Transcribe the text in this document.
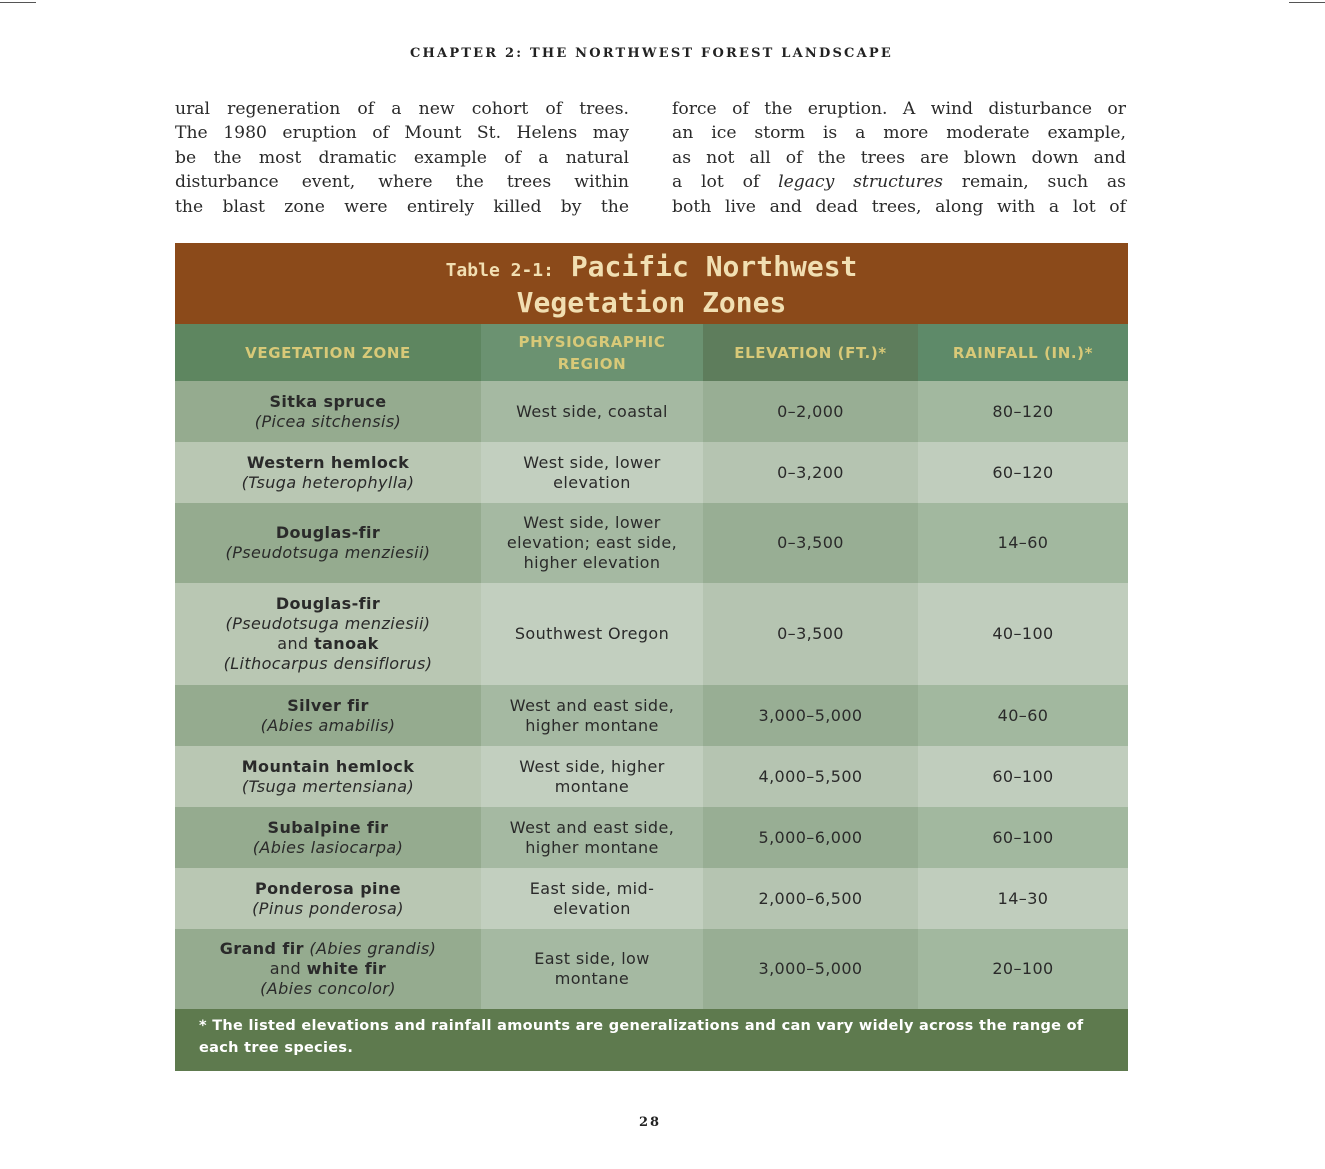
CHAPTER 2: THE NORTHWEST FOREST LANDSCAPE
ural regeneration of a new cohort of trees.
The 1980 eruption of Mount St. Helens may
be the most dramatic example of a natural
disturbance event, where the trees within
the blast zone were entirely killed by the
force of the eruption. A wind disturbance or
an ice storm is a more moderate example,
as not all of the trees are blown down and
a lot of legacy structures remain, such as
both live and dead trees, along with a lot of
Table 2-1: Pacific Northwest
Vegetation Zones
VEGETATION ZONE	PHYSIOGRAPHIC REGION	ELEVATION (FT.)*	RAINFALL (IN.)*

Sitka spruce
(Picea sitchensis)	West side, coastal	0–2,000	80–120

Western hemlock
(Tsuga heterophylla)	West side, lower elevation	0–3,200	60–120

Douglas-fir
(Pseudotsuga menziesii)	West side, lower elevation; east side, higher elevation	0–3,500	14–60

Douglas-fir
(Pseudotsuga menziesii)
and tanoak
(Lithocarpus densiflorus)	Southwest Oregon	0–3,500	40–100

Silver fir
(Abies amabilis)	West and east side, higher montane	3,000–5,000	40–60

Mountain hemlock
(Tsuga mertensiana)	West side, higher montane	4,000–5,500	60–100

Subalpine fir
(Abies lasiocarpa)	West and east side, higher montane	5,000–6,000	60–100

Ponderosa pine
(Pinus ponderosa)	East side, mid-elevation	2,000–6,500	14–30

Grand fir (Abies grandis)
and white fir
(Abies concolor)	East side, low montane	3,000–5,000	20–100
* The listed elevations and rainfall amounts are generalizations and can vary widely across the range of each tree species.
28
